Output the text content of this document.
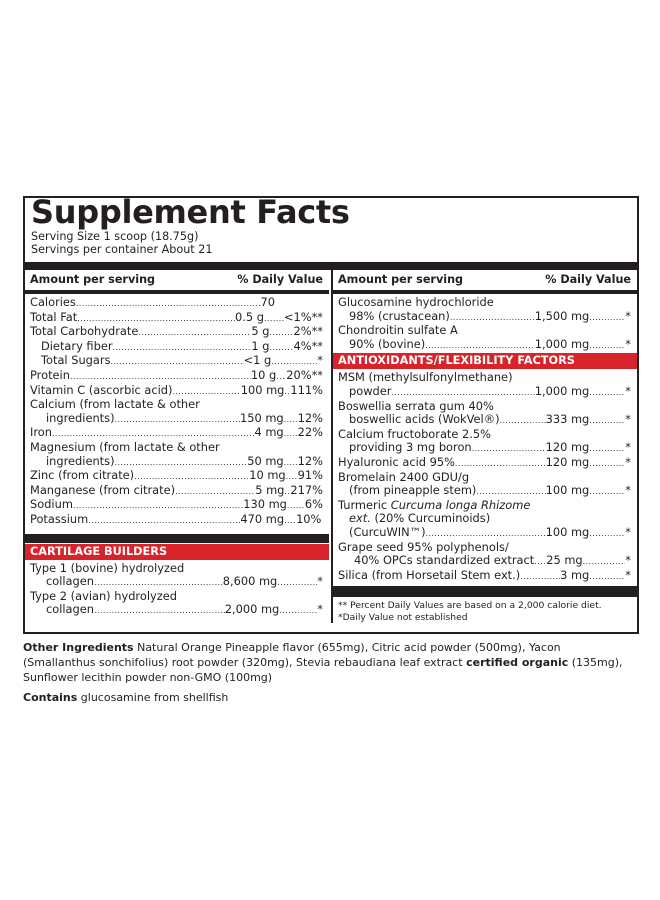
Supplement Facts
Serving Size 1 scoop (18.75g)
Servings per container About 21
Amount per serving	% Daily Value
Calories .....	70
Total Fat .....	0.5 g ..... <1%**
Total Carbohydrate .....	5 g ..... 2%**
Dietary fiber .....	1 g ..... 4%**
Total Sugars .....	<1 g .....	*
Protein .....	10 g ..... 20%**
Vitamin C (ascorbic acid) .....	100 mg ..... 111%
Calcium (from lactate & other
ingredients) .....	150 mg ..... 12%
Iron .....	4 mg ..... 22%
Magnesium (from lactate & other
ingredients) .....	50 mg ..... 12%
Zinc (from citrate) .....	10 mg ..... 91%
Manganese (from citrate) .....	5 mg ..... 217%
Sodium .....	130 mg ..... 6%
Potassium .....	470 mg ..... 10%
CARTILAGE BUILDERS
Type 1 (bovine) hydrolyzed
collagen .....	8,600 mg .....	*
Type 2 (avian) hydrolyzed
collagen .....	2,000 mg .....	*
Amount per serving	% Daily Value
Glucosamine hydrochloride
98% (crustacean) .....	1,500 mg .....	*
Chondroitin sulfate A
90% (bovine) .....	1,000 mg .....	*
ANTIOXIDANTS/FLEXIBILITY FACTORS
MSM (methylsulfonylmethane)
powder .....	1,000 mg .....	*
Boswellia serrata gum 40%
boswellic acids (WokVel®) .....	333 mg .....	*
Calcium fructoborate 2.5%
providing 3 mg boron .....	120 mg .....	*
Hyaluronic acid 95% .....	120 mg .....	*
Bromelain 2400 GDU/g
(from pineapple stem) .....	100 mg .....	*
Turmeric Curcuma longa Rhizome
ext. (20% Curcuminoids)
(CurcuWIN™) .....	100 mg .....	*
Grape seed 95% polyphenols/
40% OPCs standardized extract ..... 25 mg .....	*
Silica (from Horsetail Stem ext.) .....	3 mg .....	*
** Percent Daily Values are based on a 2,000 calorie diet.
*Daily Value not established
Other Ingredients Natural Orange Pineapple flavor (655mg), Citric acid powder (500mg), Yacon (Smallanthus sonchifolius) root powder (320mg), Stevia rebaudiana leaf extract certified organic (135mg), Sunflower lecithin powder non-GMO (100mg)
Contains glucosamine from shellfish
